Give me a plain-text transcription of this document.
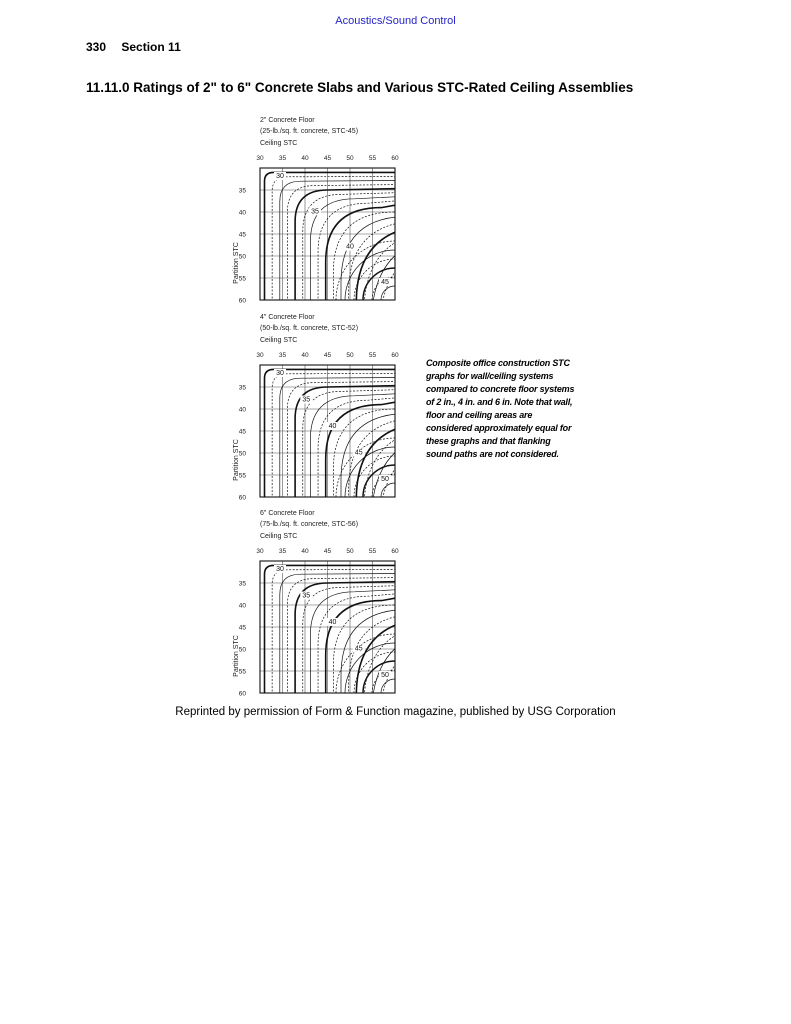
Acoustics/Sound Control
330 Section 11
11.11.0 Ratings of 2" to 6" Concrete Slabs and Various STC-Rated Ceiling Assemblies
2" Concrete Floor
(25-lb./sq. ft. concrete, STC-45)
Ceiling STC
30 35 40 45 50 55 60
35
40
45
50
55
60
Partition STC
30
35
40
45
4" Concrete Floor
(50-lb./sq. ft. concrete, STC-52)
Ceiling STC
30 35 40 45 50 55 60
35
40
45
50
55
60
Partition STC
30
35
40
45
50
6" Concrete Floor
(75-lb./sq. ft. concrete, STC-56)
Ceiling STC
30 35 40 45 50 55 60
35
40
45
50
55
60
Partition STC
30
35
40
45
50
Composite office construction STC graphs for wall/ceiling systems compared to concrete floor systems of 2 in., 4 in. and 6 in. Note that wall, floor and ceiling areas are considered approximately equal for these graphs and that flanking sound paths are not considered.
Reprinted by permission of Form & Function magazine, published by USG Corporation
